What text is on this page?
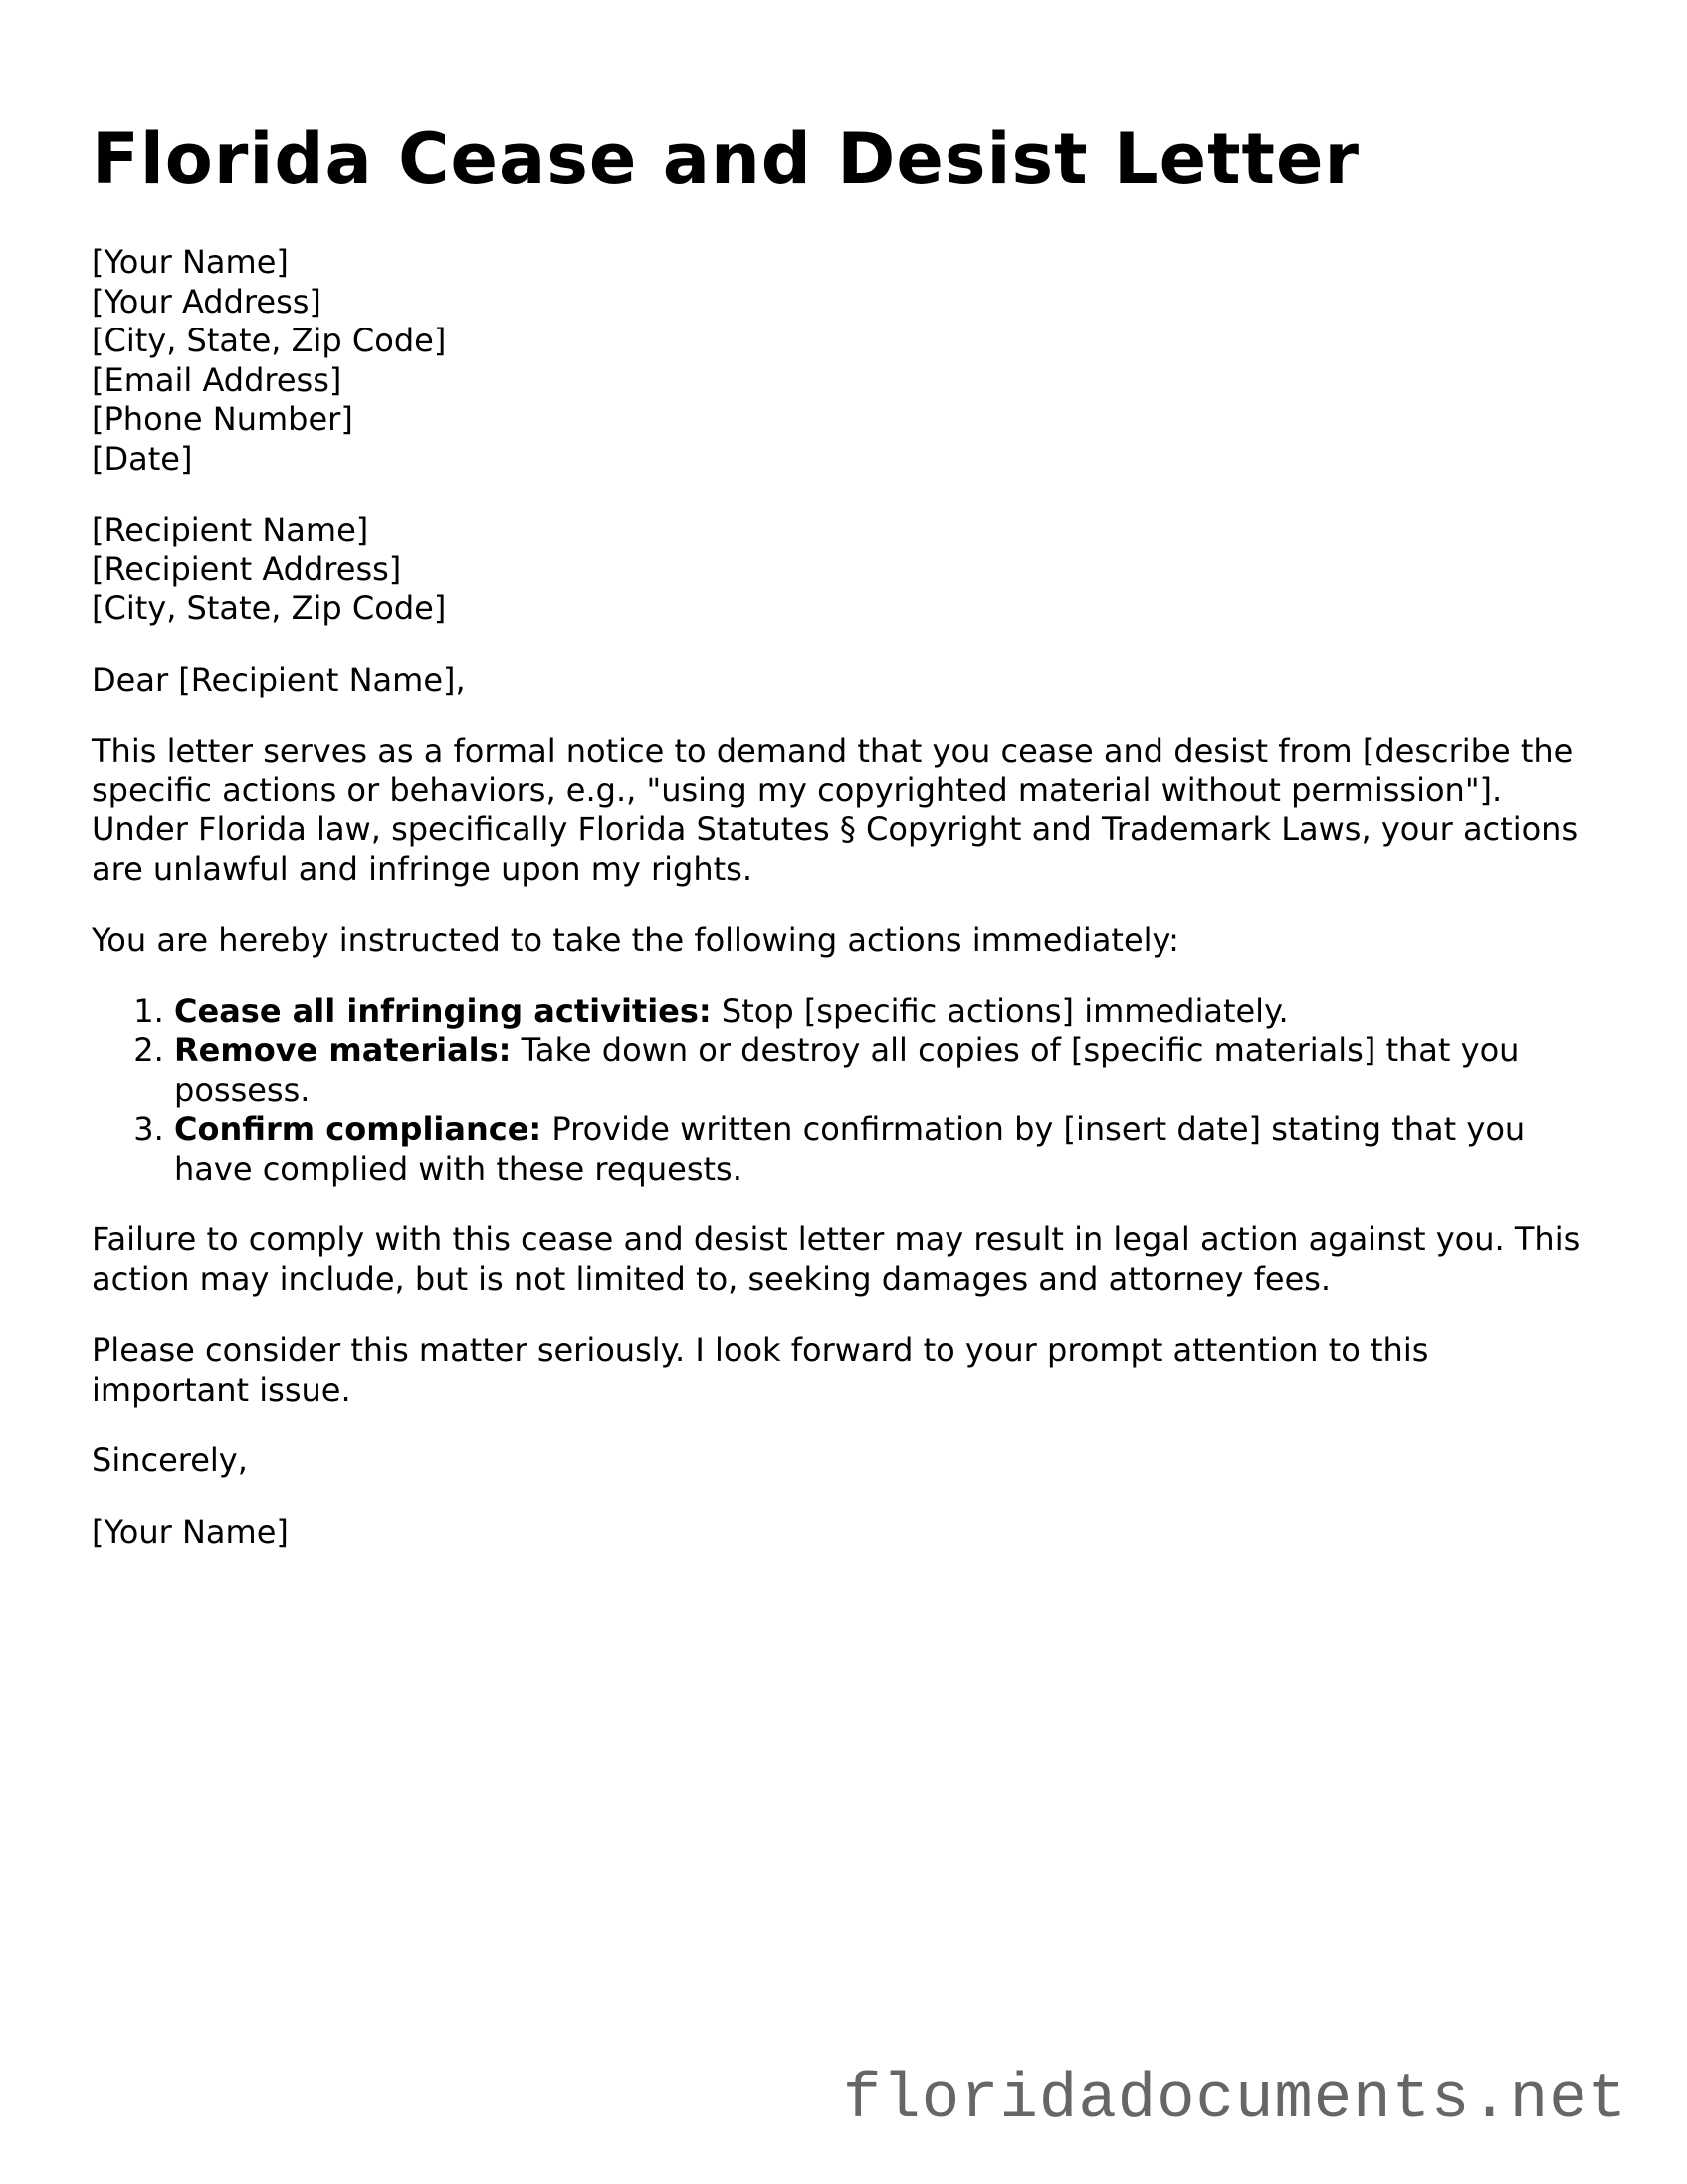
Florida Cease and Desist Letter

[Your Name]
[Your Address]
[City, State, Zip Code]
[Email Address]
[Phone Number]
[Date]

[Recipient Name]
[Recipient Address]
[City, State, Zip Code]

Dear [Recipient Name],

This letter serves as a formal notice to demand that you cease and desist from [describe the specific actions or behaviors, e.g., "using my copyrighted material without permission"]. Under Florida law, specifically Florida Statutes § Copyright and Trademark Laws, your actions are unlawful and infringe upon my rights.

You are hereby instructed to take the following actions immediately:

1. Cease all infringing activities: Stop [specific actions] immediately.
2. Remove materials: Take down or destroy all copies of [specific materials] that you possess.
3. Confirm compliance: Provide written confirmation by [insert date] stating that you have complied with these requests.

Failure to comply with this cease and desist letter may result in legal action against you. This action may include, but is not limited to, seeking damages and attorney fees.

Please consider this matter seriously. I look forward to your prompt attention to this important issue.

Sincerely,

[Your Name]

floridadocuments.net
